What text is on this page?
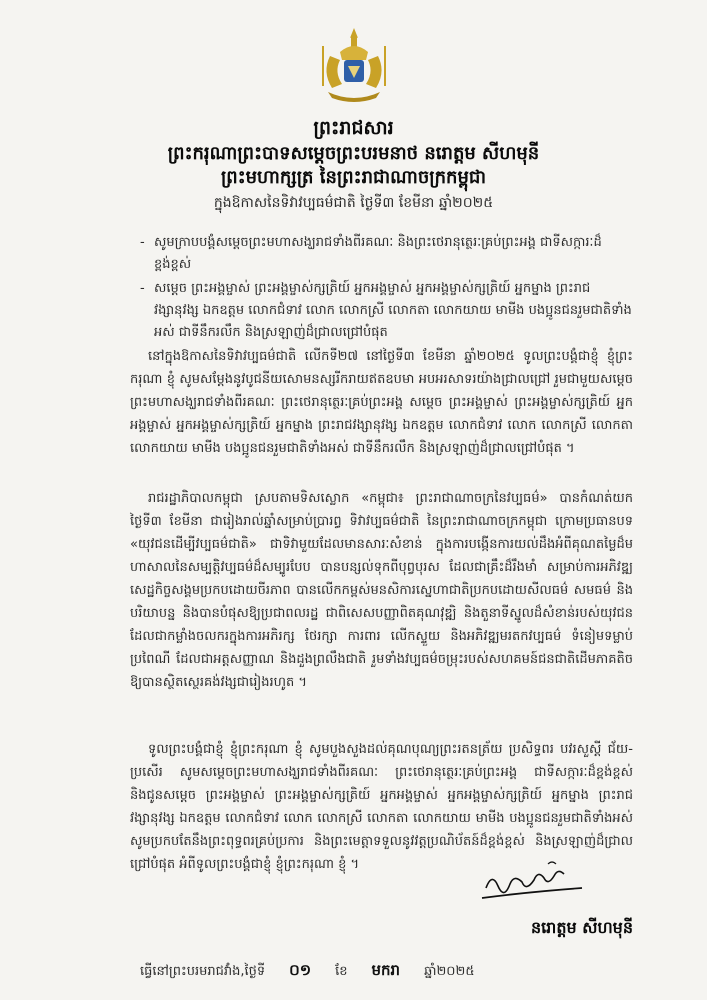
ព្រះរាជសារ

ព្រះករុណាព្រះបាទសម្តេចព្រះបរមនាថ នរោត្តម សីហមុនី

ព្រះមហាក្សត្រ នៃព្រះរាជាណាចក្រកម្ពុជា

ក្នុងឱកាសនៃទិវាវប្បធម៌ជាតិ ថ្ងៃទី៣ ខែមីនា ឆ្នាំ២០២៥

- សូមក្រាបបង្គំសម្តេចព្រះមហាសង្ឃរាជទាំងពីរគណៈ និងព្រះថេរានុត្ថេរៈគ្រប់ព្រះអង្គ ជាទីសក្ការៈដ៏ខ្ពង់ខ្ពស់
- សម្តេច ព្រះអង្គម្ចាស់ ព្រះអង្គម្ចាស់ក្សត្រិយ៍ អ្នកអង្គម្ចាស់ អ្នកអង្គម្ចាស់ក្សត្រិយ៍ អ្នកម្នាង ព្រះរាជវង្សានុវង្ស ឯកឧត្តម លោកជំទាវ លោក លោកស្រី លោកតា លោកយាយ មាមីង បងប្អូនជនរួមជាតិទាំងអស់ ជាទីនឹករលឹក និងស្រឡាញ់ដ៏ជ្រាលជ្រៅបំផុត

នៅក្នុងឱកាសនៃទិវាវប្បធម៌ជាតិ លើកទី២៧ នៅថ្ងៃទី៣ ខែមីនា ឆ្នាំ២០២៥ ទូលព្រះបង្គំជាខ្ញុំ ខ្ញុំព្រះករុណា ខ្ញុំ សូមសម្តែងនូវបូជនីយសោមនស្សរីករាយឥតឧបមា អបអរសាទរយ៉ាងជ្រាលជ្រៅ រួមជាមួយសម្តេចព្រះមហាសង្ឃរាជទាំងពីរគណៈ ព្រះថេរានុត្ថេរៈគ្រប់ព្រះអង្គ សម្តេច ព្រះអង្គម្ចាស់ ព្រះអង្គម្ចាស់ក្សត្រិយ៍ អ្នកអង្គម្ចាស់ អ្នកអង្គម្ចាស់ក្សត្រិយ៍ អ្នកម្នាង ព្រះរាជវង្សានុវង្ស ឯកឧត្តម លោកជំទាវ លោក លោកស្រី លោកតា លោកយាយ មាមីង បងប្អូនជនរួមជាតិទាំងអស់ ជាទីនឹករលឹក និងស្រឡាញ់ដ៏ជ្រាលជ្រៅបំផុត ។

រាជរដ្ឋាភិបាលកម្ពុជា ស្របតាមទិសស្លោក «កម្ពុជា៖ ព្រះរាជាណាចក្រនៃវប្បធម៌» បានកំណត់យកថ្ងៃទី៣ ខែមីនា ជារៀងរាល់ឆ្នាំសម្រាប់ប្រារព្ធ ទិវាវប្បធម៌ជាតិ នៃព្រះរាជាណាចក្រកម្ពុជា ក្រោមប្រធានបទ «យុវជនដើម្បីវប្បធម៌ជាតិ» ជាទិវាមួយដែលមានសារៈសំខាន់ ក្នុងការបង្កើនការយល់ដឹងអំពីគុណតម្លៃដ៏មហាសាលនៃសម្បត្តិវប្បធម៌ដ៏សម្បូរបែប បានបន្សល់ទុកពីបុព្វបុរស ដែលជាគ្រឹះដ៏រឹងមាំ សម្រាប់ការអភិវឌ្ឍសេដ្ឋកិច្ចសង្គមប្រកបដោយចីរភាព បានលើកកម្ពស់មនសិការស្នេហាជាតិប្រកបដោយសីលធម៌ សមធម៌ និងបរិយាបន្ន និងបានបំផុសឱ្យប្រជាពលរដ្ឋ ជាពិសេសបញ្ញាពិតគុណវុឌ្ឍិ និងតួនាទីស្នូលដ៏សំខាន់របស់យុវជនដែលជាកម្លាំងចលករក្នុងការអភិរក្ស ថែរក្សា ការពារ លើកស្ទួយ និងអភិវឌ្ឍមរតកវប្បធម៌ ទំនៀមទម្លាប់ ប្រពៃណី ដែលជាអត្តសញ្ញាណ និងដួងព្រលឹងជាតិ រួមទាំងវប្បធម៌ចម្រុះរបស់សហគមន៍ជនជាតិដើមភាគតិច ឱ្យបានស្ថិតស្ថេរគង់វង្សជារៀងរហូត ។

ទូលព្រះបង្គំជាខ្ញុំ ខ្ញុំព្រះករុណា ខ្ញុំ សូមបួងសួងដល់គុណបុណ្យព្រះរតនត្រ័យ ប្រសិទ្ធពរ បវរសួស្តី ជ័យ-ប្រសើរ សូមសម្តេចព្រះមហាសង្ឃរាជទាំងពីរគណៈ ព្រះថេរានុត្ថេរៈគ្រប់ព្រះអង្គ ជាទីសក្ការៈដ៏ខ្ពង់ខ្ពស់ និងជូនសម្តេច ព្រះអង្គម្ចាស់ ព្រះអង្គម្ចាស់ក្សត្រិយ៍ អ្នកអង្គម្ចាស់ អ្នកអង្គម្ចាស់ក្សត្រិយ៍ អ្នកម្នាង ព្រះរាជវង្សានុវង្ស ឯកឧត្តម លោកជំទាវ លោក លោកស្រី លោកតា លោកយាយ មាមីង បងប្អូនជនរួមជាតិទាំងអស់ សូមប្រកបតែនឹងព្រះពុទ្ធពរគ្រប់ប្រការ និងព្រះមេត្តាទទួលនូវវត្តប្រណិប័តន៍ដ៏ខ្ពង់ខ្ពស់ និងស្រឡាញ់ដ៏ជ្រាលជ្រៅបំផុត អំពីទូលព្រះបង្គំជាខ្ញុំ ខ្ញុំព្រះករុណា ខ្ញុំ ។

នរោត្តម សីហមុនី
ធ្វើនៅព្រះបរមរាជវាំង,ថ្ងៃទី ០១ ខែ មករា ឆ្នាំ២០២៥
